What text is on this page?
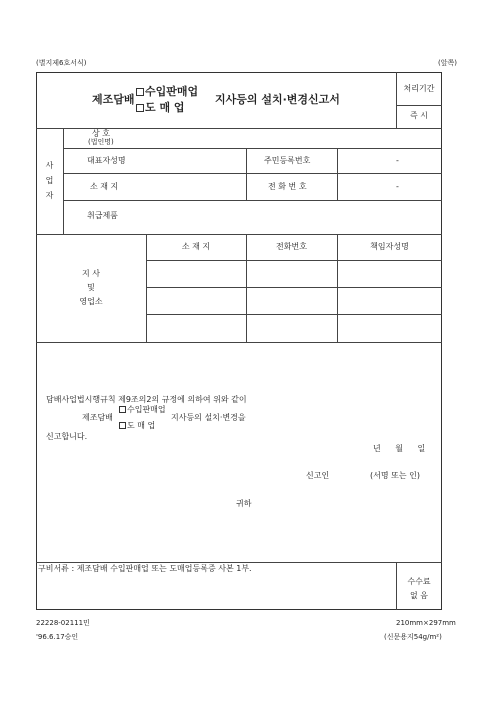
(별지제6호서식)	(앞쪽)
제조담배
수입판매업
도 매 업
지사등의 설치·변경신고서
처리기간
즉 시
사
업
자
상 호
(법인명)
대표자성명	주민등록번호	-
소 재 지	전 화 번 호	-
취급제품
지 사
및
영업소
소 재 지	전화번호	책임자성명
담배사업법시행규칙 제9조의2의 규정에 의하여 위와 같이
제조담배
수입판매업
도 매 업
지사등의 설치·변경을
신고합니다.
년 월 일
신고인	(서명 또는 인)
귀하
구비서류 : 제조담배 수입판매업 또는 도매업등록증 사본 1부.
수수료
없 음
22228-02111민
'96.6.17승인
210mm×297mm
(신문용지54g/m²)
